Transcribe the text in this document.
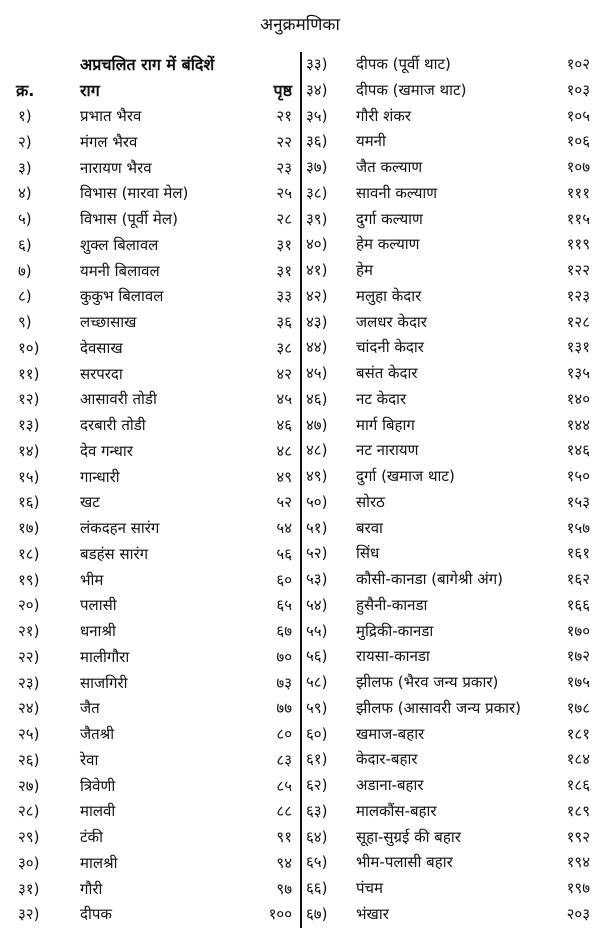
अनुक्रमणिका
अप्रचलित राग में बंदिशें
क्र.	राग	पृष्ठ
१)	प्रभात भैरव	२१
२)	मंगल भैरव	२२
३)	नारायण भैरव	२३
४)	विभास (मारवा मेल)	२५
५)	विभास (पूर्वी मेल)	२८
६)	शुक्ल बिलावल	३१
७)	यमनी बिलावल	३१
८)	कुकुभ बिलावल	३३
९)	लच्छासाख	३६
१०)	देवसाख	३८
११)	सरपरदा	४२
१२)	आसावरी तोडी	४५
१३)	दरबारी तोडी	४६
१४)	देव गन्धार	४८
१५)	गान्धारी	४९
१६)	खट	५२
१७)	लंकदहन सारंग	५४
१८)	बडहंस सारंग	५६
१९)	भीम	६०
२०)	पलासी	६५
२१)	धनाश्री	६७
२२)	मालीगौरा	७०
२३)	साजगिरी	७३
२४)	जैत	७७
२५)	जैतश्री	८०
२६)	रेवा	८३
२७)	त्रिवेणी	८५
२८)	मालवी	८८
२९)	टंकी	९१
३०)	मालश्री	९४
३१)	गौरी	९७
३२)	दीपक	१००
३३) दीपक (पूर्वी थाट)	१०२
३४) दीपक (खमाज थाट)	१०३
३५) गौरी शंकर	१०५
३६) यमनी	१०६
३७) जैत कल्याण	१०७
३८) सावनी कल्याण	१११
३९) दुर्गा कल्याण	११५
४०) हेम कल्याण	११९
४१) हेम	१२२
४२) मलुहा केदार	१२३
४३) जलधर केदार	१२८
४४) चांदनी केदार	१३१
४५) बसंत केदार	१३५
४६) नट केदार	१४०
४७) मार्ग बिहाग	१४४
४८) नट नारायण	१४६
४९) दुर्गा (खमाज थाट)	१५०
५०) सोरठ	१५३
५१) बरवा	१५७
५२) सिंध	१६१
५३) कौसी-कानडा (बागेश्री अंग)	१६२
५४) हुसैनी-कानडा	१६६
५५) मुद्रिकी-कानडा	१७०
५६) रायसा-कानडा	१७२
५८) झीलफ (भैरव जन्य प्रकार)	१७५
५९) झीलफ (आसावरी जन्य प्रकार)	१७८
६०) खमाज-बहार	१८१
६१) केदार-बहार	१८४
६२) अडाना-बहार	१८६
६३) मालकौंस-बहार	१८९
६४) सूहा-सुग्रई की बहार	१९२
६५) भीम-पलासी बहार	१९४
६६) पंचम	१९७
६७) भंखार	२०३
